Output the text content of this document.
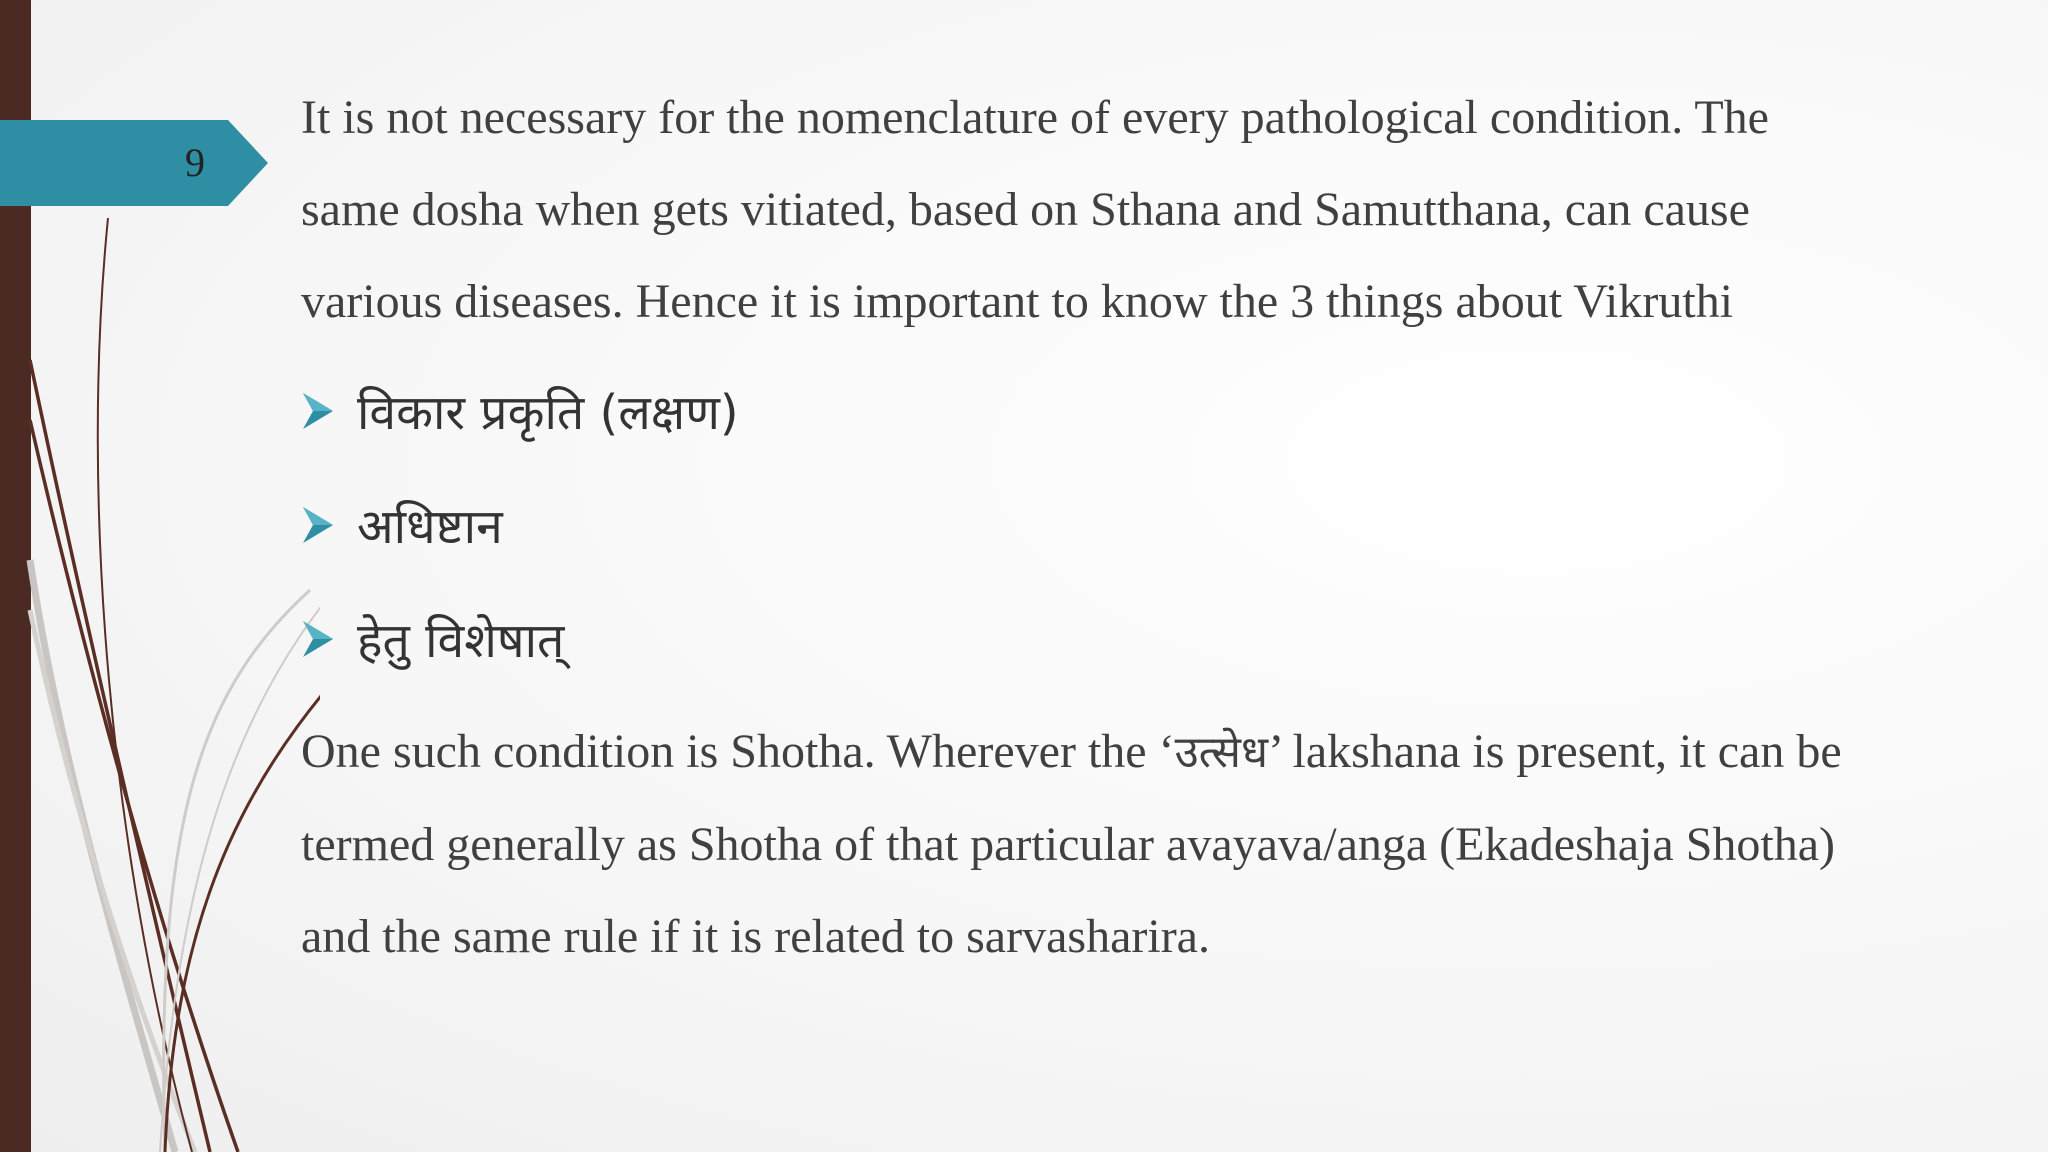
9

It is not necessary for the nomenclature of every pathological condition. The

same dosha when gets vitiated, based on Sthana and Samutthana, can cause

various diseases. Hence it is important to know the 3 things about Vikruthi

विकार प्रकृति (लक्षण)
अधिष्टान
हेतु विशेषात्

One such condition is Shotha. Wherever the ‘उत्सेध’ lakshana is present, it can be

termed generally as Shotha of that particular avayava/anga (Ekadeshaja Shotha)

and the same rule if it is related to sarvasharira.
